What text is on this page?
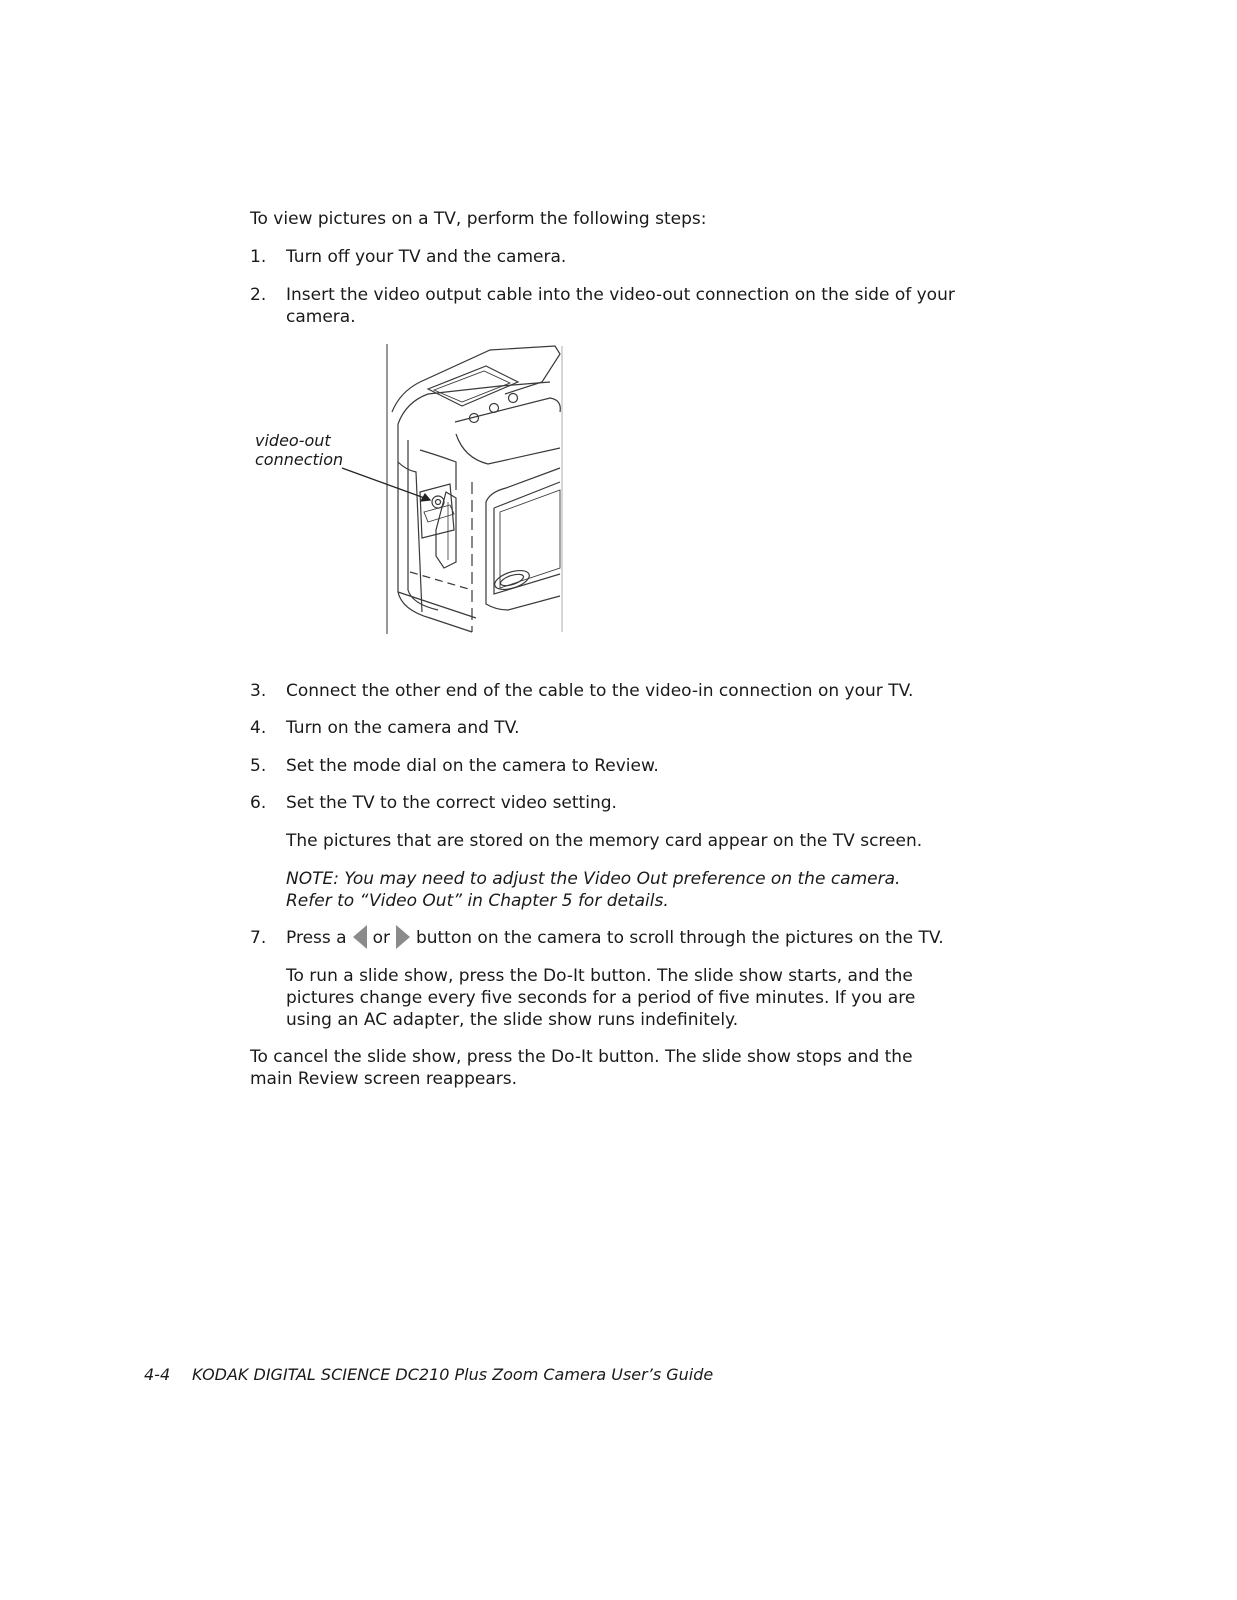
To view pictures on a TV, perform the following steps:
1.	Turn off your TV and the camera.
2.	Insert the video output cable into the video-out connection on the side of your camera.
video-out
connection
3.	Connect the other end of the cable to the video-in connection on your TV.
4.	Turn on the camera and TV.
5.	Set the mode dial on the camera to Review.
6.	Set the TV to the correct video setting.
The pictures that are stored on the memory card appear on the TV screen.
NOTE: You may need to adjust the Video Out preference on the camera. Refer to “Video Out” in Chapter 5 for details.
7.	Press a or button on the camera to scroll through the pictures on the TV.
To run a slide show, press the Do-It button. The slide show starts, and the pictures change every five seconds for a period of five minutes. If you are using an AC adapter, the slide show runs indefinitely.
To cancel the slide show, press the Do-It button. The slide show stops and the main Review screen reappears.
4-4 KODAK DIGITAL SCIENCE DC210 Plus Zoom Camera User’s Guide
